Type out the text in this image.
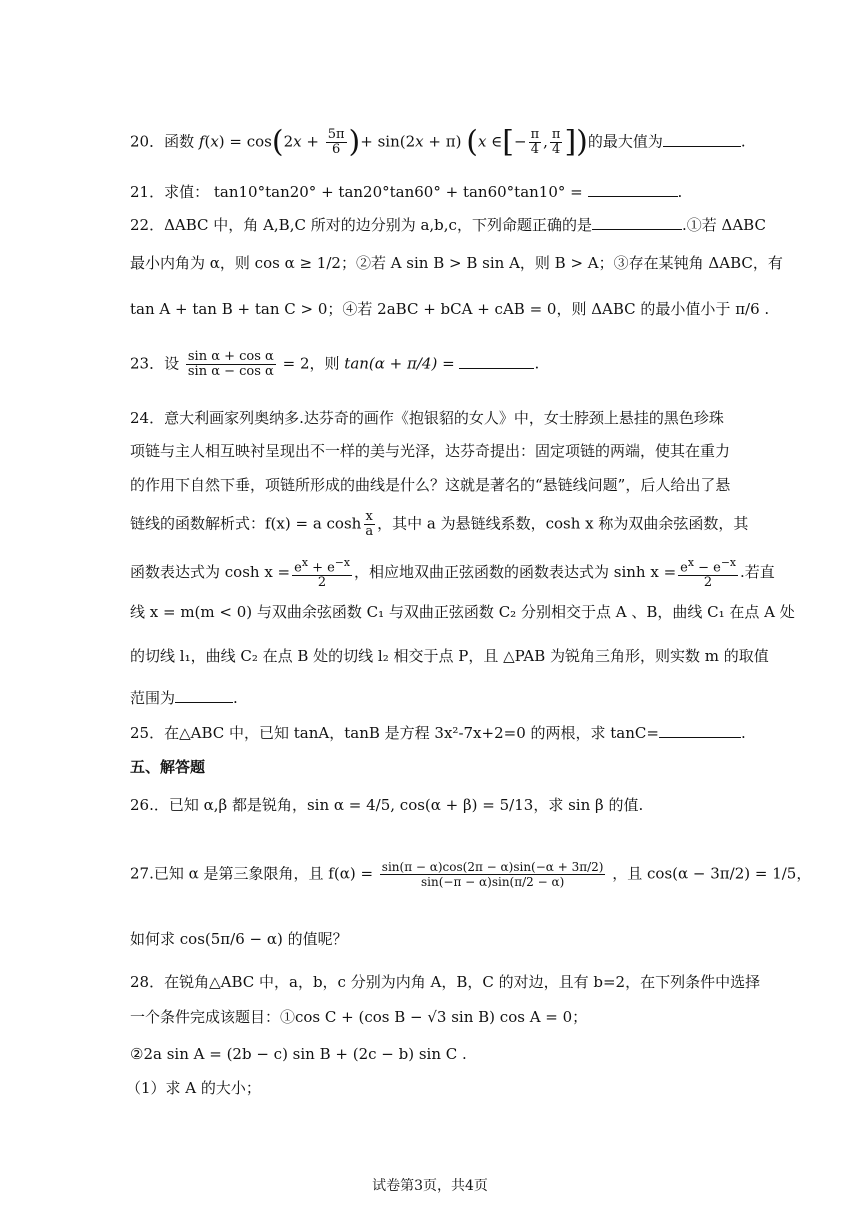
20．函数 $f(x) = \cos(2x + \frac{5\pi}{6}$ )+ sin(2x + π) (x ∈[− $\frac{\pi}{4}$ , $\frac{\pi}{4}$ ])的最大值为	.
21．求值： tan10°tan20° + tan20°tan60° + tan60°tan10° =	.
22．ΔABC 中，角 A,B,C 所对的边分别为 a,b,c，下列命题正确的是	.①若 ΔABC
最小内角为 α，则 cos α ≥ 1/2；②若 A sin B > B sin A，则 B > A；③存在某钝角 ΔABC，有
tan A + tan B + tan C > 0；④若 2aBC + bCA + cAB = 0，则 ΔABC 的最小值小于 π/6 .
23．设 $\frac{\text{sin α + cos α}}{\text{sin α − cos α}} = 2$，则 tan(α + π/4) =	.
24．意大利画家列奥纳多.达芬奇的画作《抱银貂的女人》中，女士脖颈上悬挂的黑色珍珠
项链与主人相互映衬呈现出不一样的美与光泽，达芬奇提出：固定项链的两端，使其在重力
的作用下自然下垂，项链所形成的曲线是什么？这就是著名的“悬链线问题”，后人给出了悬
链线的函数解析式：f(x) = a $\cosh \frac{x}{a}$ ，其中 a 为悬链线系数，cosh x 称为双曲余弦函数，其
函数表达式为 $\cosh x = \frac{e^x + e^{-x}}{2}$ ，相应地双曲正弦函数的函数表达式为 $\sinh x = \frac{e^x - e^{-x}}{2}$ .若直
线 x = m(m < 0) 与双曲余弦函数 C₁ 与双曲正弦函数 C₂ 分别相交于点 A 、B，曲线 C₁ 在点 A 处
的切线 l₁，曲线 C₂ 在点 B 处的切线 l₂ 相交于点 P，且 △PAB 为锐角三角形，则实数 m 的取值
范围为	.
25．在△ABC 中，已知 tanA，tanB 是方程 3x²-7x+2=0 的两根，求 tanC=	.
五、解答题
26.．已知 α,β 都是锐角，sin α = 4/5, cos(α + β) = 5/13，求 sin β 的值.
27.已知 α 是第三象限角，且 $f(\alpha) = \frac{\sin(\pi - \alpha)\cos(2\pi - \alpha)\sin(-\alpha + 3\pi/2)}{\sin(-\pi - \alpha)\sin(\pi/2 - \alpha)}$ ，且 cos(α − 3π/2) = 1/5，
如何求 cos(5π/6 − α) 的值呢？
28．在锐角△ABC 中，a，b，c 分别为内角 A，B，C 的对边，且有 b=2，在下列条件中选择
一个条件完成该题目：①cos C + (cos B − √3 sin B) cos A = 0；
②2a sin A = (2b − c) sin B + (2c − b) sin C .
（1）求 A 的大小；
试卷第3页，共4页
